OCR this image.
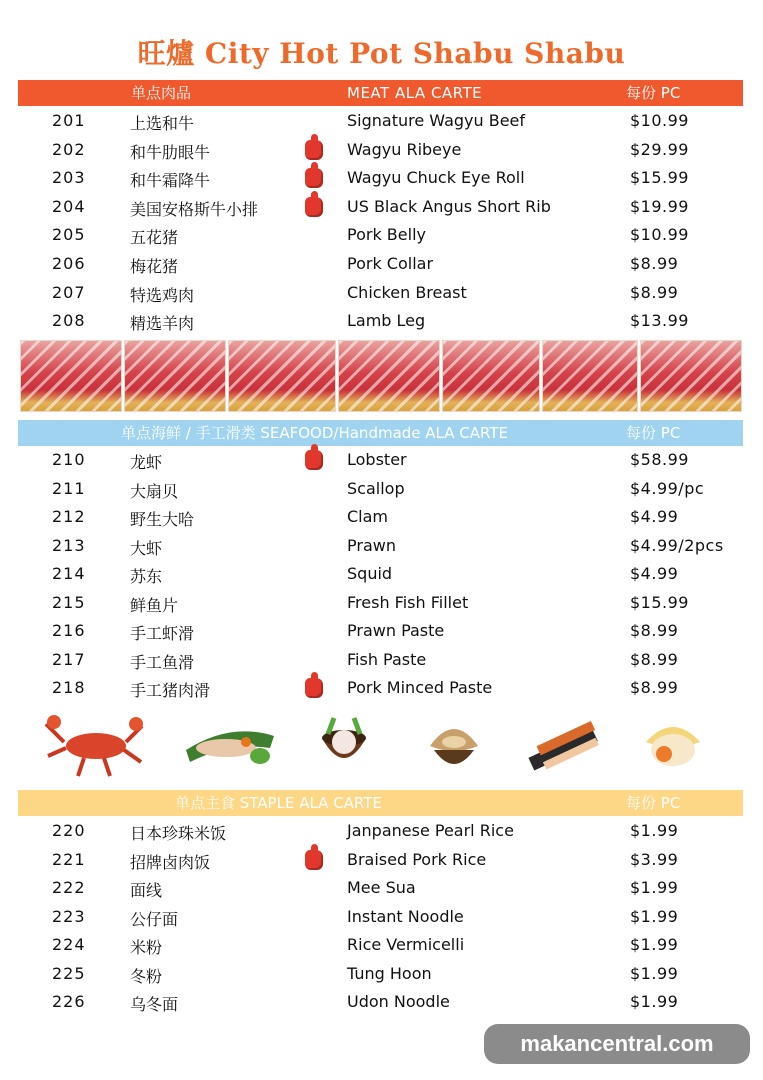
旺爐 City Hot Pot Shabu Shabu
单点肉品	MEAT ALA CARTE	每份 PC
201	上选和牛	Signature Wagyu Beef	$10.99
202	和牛肋眼牛	Wagyu Ribeye	$29.99
203	和牛霜降牛	Wagyu Chuck Eye Roll	$15.99
204	美国安格斯牛小排	US Black Angus Short Rib	$19.99
205	五花猪	Pork Belly	$10.99
206	梅花猪	Pork Collar	$8.99
207	特选鸡肉	Chicken Breast	$8.99
208	精选羊肉	Lamb Leg	$13.99
单点海鲜 / 手工滑类 SEAFOOD/Handmade ALA CARTE	每份 PC
210	龙虾	Lobster	$58.99
211	大扇贝	Scallop	$4.99/pc
212	野生大哈	Clam	$4.99
213	大虾	Prawn	$4.99/2pcs
214	苏东	Squid	$4.99
215	鲜鱼片	Fresh Fish Fillet	$15.99
216	手工虾滑	Prawn Paste	$8.99
217	手工鱼滑	Fish Paste	$8.99
218	手工猪肉滑	Pork Minced Paste	$8.99
单点主食 STAPLE ALA CARTE	每份 PC
220	日本珍珠米饭	Janpanese Pearl Rice	$1.99
221	招牌卤肉饭	Braised Pork Rice	$3.99
222	面线	Mee Sua	$1.99
223	公仔面	Instant Noodle	$1.99
224	米粉	Rice Vermicelli	$1.99
225	冬粉	Tung Hoon	$1.99
226	乌冬面	Udon Noodle	$1.99
makancentral.com
